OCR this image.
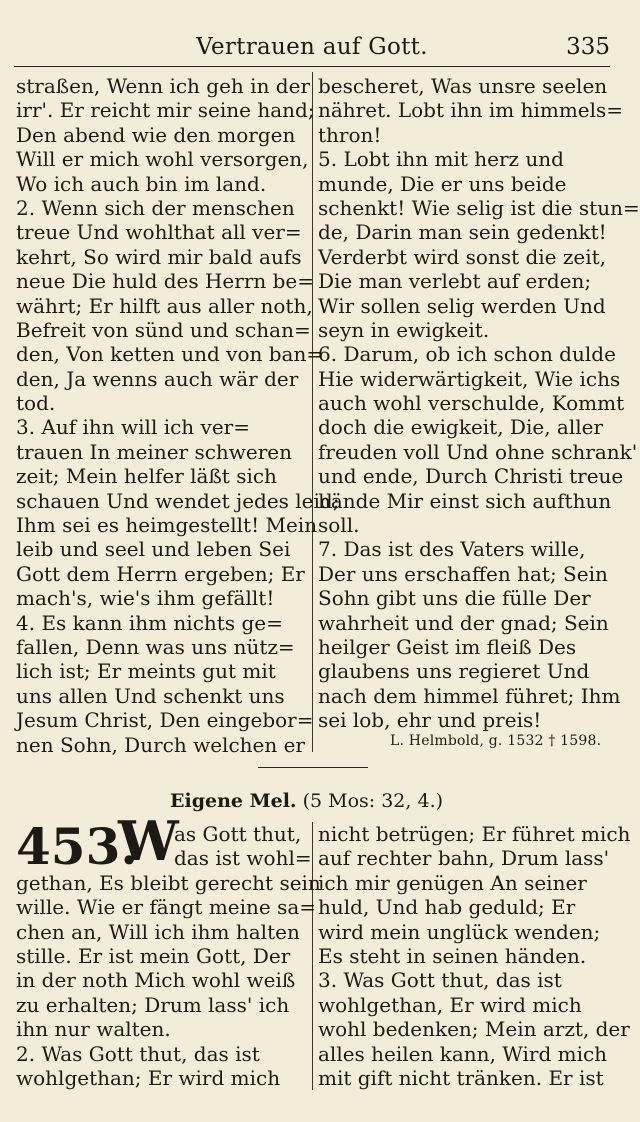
Vertrauen auf Gott.	335
straßen, Wenn ich geh in der
irr'. Er reicht mir seine hand;
Den abend wie den morgen
Will er mich wohl versorgen,
Wo ich auch bin im land.
2. Wenn sich der menschen
treue Und wohlthat all ver=
kehrt, So wird mir bald aufs
neue Die huld des Herrn be=
währt; Er hilft aus aller noth,
Befreit von sünd und schan=
den, Von ketten und von ban=
den, Ja wenns auch wär der
tod.
3. Auf ihn will ich ver=
trauen In meiner schweren
zeit; Mein helfer läßt sich
schauen Und wendet jedes leid;
Ihm sei es heimgestellt! Mein
leib und seel und leben Sei
Gott dem Herrn ergeben; Er
mach's, wie's ihm gefällt!
4. Es kann ihm nichts ge=
fallen, Denn was uns nütz=
lich ist; Er meints gut mit
uns allen Und schenkt uns
Jesum Christ, Den eingebor=
nen Sohn, Durch welchen er
bescheret, Was unsre seelen
nähret. Lobt ihn im himmels=
thron!
5. Lobt ihn mit herz und
munde, Die er uns beide
schenkt! Wie selig ist die stun=
de, Darin man sein gedenkt!
Verderbt wird sonst die zeit,
Die man verlebt auf erden;
Wir sollen selig werden Und
seyn in ewigkeit.
6. Darum, ob ich schon dulde
Hie widerwärtigkeit, Wie ichs
auch wohl verschulde, Kommt
doch die ewigkeit, Die, aller
freuden voll Und ohne schrank'
und ende, Durch Christi treue
hände Mir einst sich aufthun
soll.
7. Das ist des Vaters wille,
Der uns erschaffen hat; Sein
Sohn gibt uns die fülle Der
wahrheit und der gnad; Sein
heilger Geist im fleiß Des
glaubens uns regieret Und
nach dem himmel führet; Ihm
sei lob, ehr und preis!
L. Helmbold, g. 1532 † 1598.
Eigene Mel. (5 Mos: 32, 4.)
453.
W
as Gott thut,
das ist wohl=
gethan, Es bleibt gerecht sein
wille. Wie er fängt meine sa=
chen an, Will ich ihm halten
stille. Er ist mein Gott, Der
in der noth Mich wohl weiß
zu erhalten; Drum lass' ich
ihn nur walten.
2. Was Gott thut, das ist
wohlgethan; Er wird mich
nicht betrügen; Er führet mich
auf rechter bahn, Drum lass'
ich mir genügen An seiner
huld, Und hab geduld; Er
wird mein unglück wenden;
Es steht in seinen händen.
3. Was Gott thut, das ist
wohlgethan, Er wird mich
wohl bedenken; Mein arzt, der
alles heilen kann, Wird mich
mit gift nicht tränken. Er ist
